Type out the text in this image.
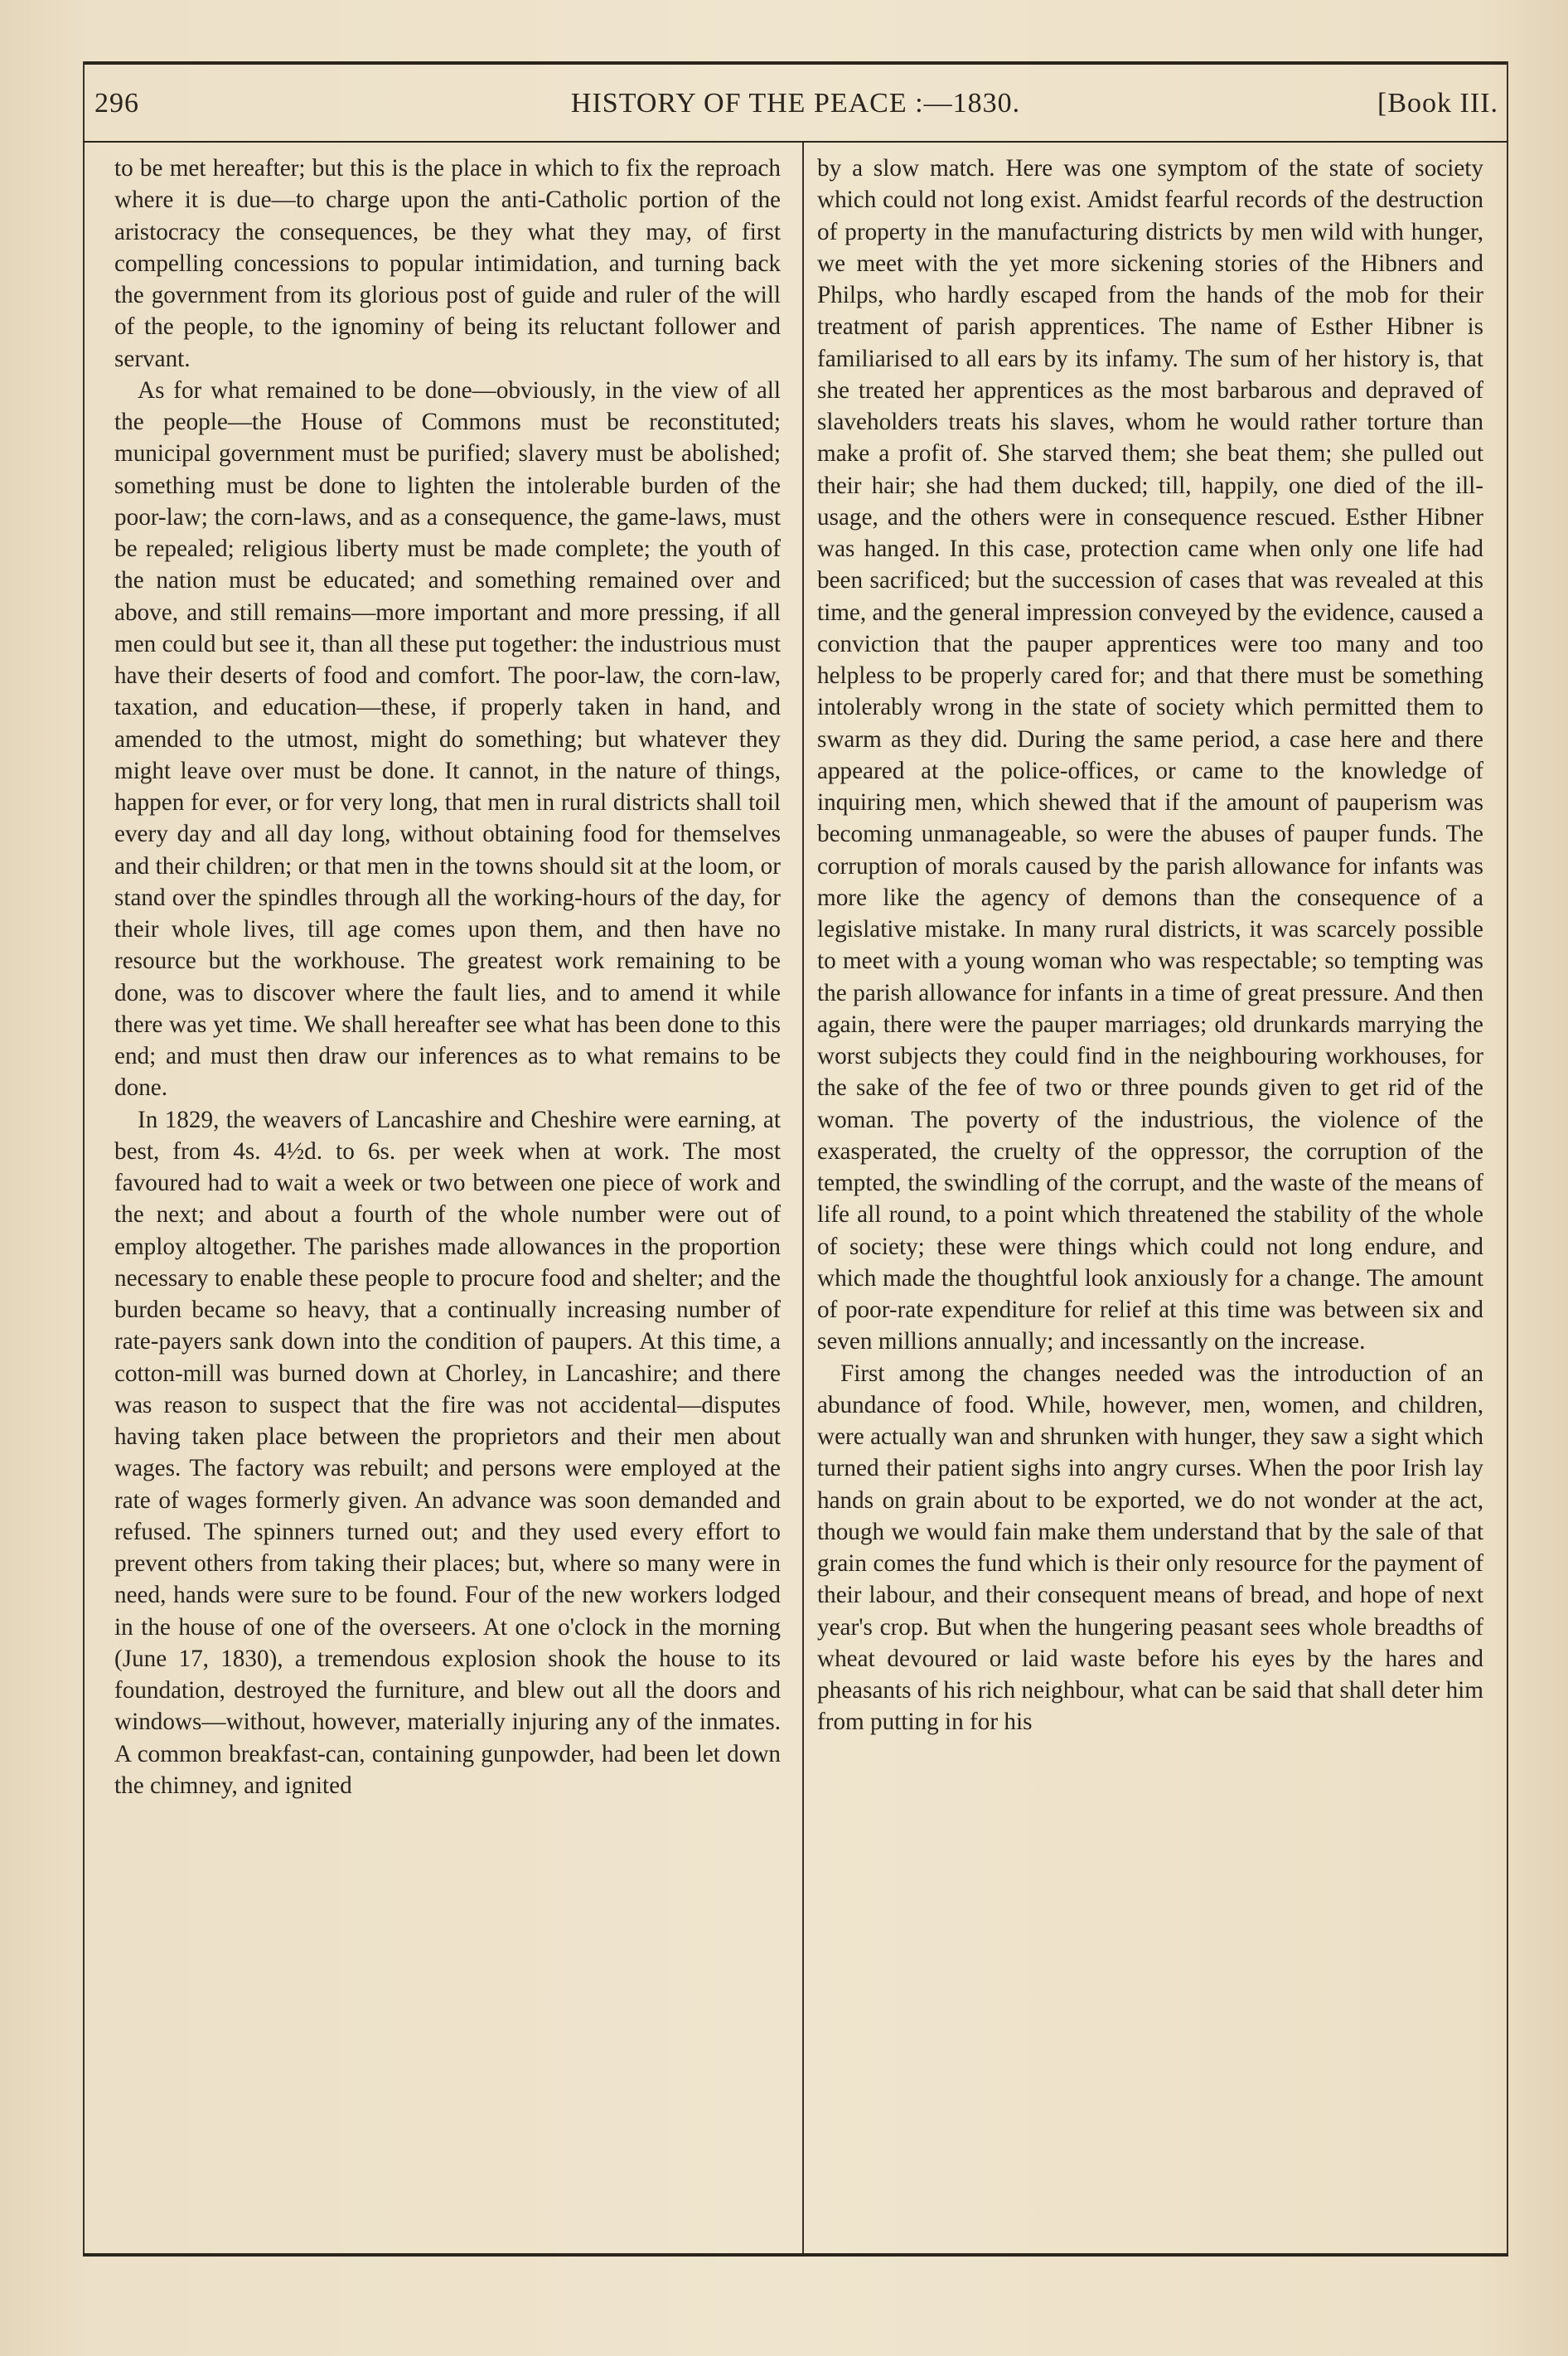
296	HISTORY OF THE PEACE :—1830.	[Book III.

to be met hereafter; but this is the place in which to fix the reproach where it is due—to charge upon the anti-Catholic portion of the aristocracy the consequences, be they what they may, of first compelling concessions to popular intimidation, and turning back the government from its glorious post of guide and ruler of the will of the people, to the ignominy of being its reluctant follower and servant.

As for what remained to be done—obviously, in the view of all the people—the House of Commons must be reconstituted; municipal government must be purified; slavery must be abolished; something must be done to lighten the intolerable burden of the poor-law; the corn-laws, and as a consequence, the game-laws, must be repealed; religious liberty must be made complete; the youth of the nation must be educated; and something remained over and above, and still remains—more important and more pressing, if all men could but see it, than all these put together: the industrious must have their deserts of food and comfort. The poor-law, the corn-law, taxation, and education—these, if properly taken in hand, and amended to the utmost, might do something; but whatever they might leave over must be done. It cannot, in the nature of things, happen for ever, or for very long, that men in rural districts shall toil every day and all day long, without obtaining food for themselves and their children; or that men in the towns should sit at the loom, or stand over the spindles through all the working-hours of the day, for their whole lives, till age comes upon them, and then have no resource but the workhouse. The greatest work remaining to be done, was to discover where the fault lies, and to amend it while there was yet time. We shall hereafter see what has been done to this end; and must then draw our inferences as to what remains to be done.

In 1829, the weavers of Lancashire and Cheshire were earning, at best, from 4s. 4½d. to 6s. per week when at work. The most favoured had to wait a week or two between one piece of work and the next; and about a fourth of the whole number were out of employ altogether. The parishes made allowances in the proportion necessary to enable these people to procure food and shelter; and the burden became so heavy, that a continually increasing number of rate-payers sank down into the condition of paupers. At this time, a cotton-mill was burned down at Chorley, in Lancashire; and there was reason to suspect that the fire was not accidental—disputes having taken place between the proprietors and their men about wages. The factory was rebuilt; and persons were employed at the rate of wages formerly given. An advance was soon demanded and refused. The spinners turned out; and they used every effort to prevent others from taking their places; but, where so many were in need, hands were sure to be found. Four of the new workers lodged in the house of one of the overseers. At one o'clock in the morning (June 17, 1830), a tremendous explosion shook the house to its foundation, destroyed the furniture, and blew out all the doors and windows—without, however, materially injuring any of the inmates. A common breakfast-can, containing gunpowder, had been let down the chimney, and ignited

by a slow match. Here was one symptom of the state of society which could not long exist. Amidst fearful records of the destruction of property in the manufacturing districts by men wild with hunger, we meet with the yet more sickening stories of the Hibners and Philps, who hardly escaped from the hands of the mob for their treatment of parish apprentices. The name of Esther Hibner is familiarised to all ears by its infamy. The sum of her history is, that she treated her apprentices as the most barbarous and depraved of slaveholders treats his slaves, whom he would rather torture than make a profit of. She starved them; she beat them; she pulled out their hair; she had them ducked; till, happily, one died of the ill-usage, and the others were in consequence rescued. Esther Hibner was hanged. In this case, protection came when only one life had been sacrificed; but the succession of cases that was revealed at this time, and the general impression conveyed by the evidence, caused a conviction that the pauper apprentices were too many and too helpless to be properly cared for; and that there must be something intolerably wrong in the state of society which permitted them to swarm as they did. During the same period, a case here and there appeared at the police-offices, or came to the knowledge of inquiring men, which shewed that if the amount of pauperism was becoming unmanageable, so were the abuses of pauper funds. The corruption of morals caused by the parish allowance for infants was more like the agency of demons than the consequence of a legislative mistake. In many rural districts, it was scarcely possible to meet with a young woman who was respectable; so tempting was the parish allowance for infants in a time of great pressure. And then again, there were the pauper marriages; old drunkards marrying the worst subjects they could find in the neighbouring workhouses, for the sake of the fee of two or three pounds given to get rid of the woman. The poverty of the industrious, the violence of the exasperated, the cruelty of the oppressor, the corruption of the tempted, the swindling of the corrupt, and the waste of the means of life all round, to a point which threatened the stability of the whole of society; these were things which could not long endure, and which made the thoughtful look anxiously for a change. The amount of poor-rate expenditure for relief at this time was between six and seven millions annually; and incessantly on the increase.

First among the changes needed was the introduction of an abundance of food. While, however, men, women, and children, were actually wan and shrunken with hunger, they saw a sight which turned their patient sighs into angry curses. When the poor Irish lay hands on grain about to be exported, we do not wonder at the act, though we would fain make them understand that by the sale of that grain comes the fund which is their only resource for the payment of their labour, and their consequent means of bread, and hope of next year's crop. But when the hungering peasant sees whole breadths of wheat devoured or laid waste before his eyes by the hares and pheasants of his rich neighbour, what can be said that shall deter him from putting in for his
